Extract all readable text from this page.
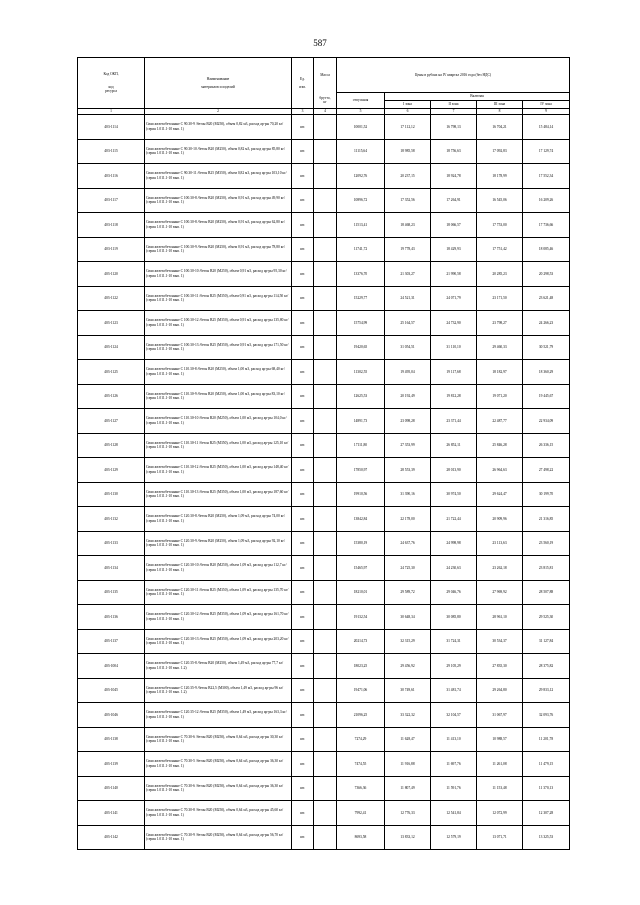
587
Код ОКП,

код
ресурса	Наименование

материалов и изделий	Ед.

изм.	Масса	Цены в рублях на IV квартал 2016 года (без НДС)				
			брутто,
кг	отпускная	Включая			
					I зона	II зона	III зона	IV зона
1	2	3	4	5	6	7	8	9
403-1114	Сваи железобетонные С 90.30-9 /бетон В20 (М250), объем 0,82 м3, расход ар-ры 70,20 кг/ (серия 1.011.1-10 вып. 1)	шт.		10001,52	17 112,12	16 798,13	16 704,21	15 484,14
403-1115	Сваи железобетонные С 90.30-10 /бетон В20 (М250), объем 0,82 м3, расход ар-ры 85,80 кг/ (серия 1.011.1-10 вып. 1)	шт.		11115,64	18 985,58	18 756,63	17 092,83	17 129,74
403-1116	Сваи железобетонные С 90.30-11 /бетон В25 (М350), объем 0,82 м3, расход ар-ры 103,10 кг/ (серия 1.011.1-10 вып. 1)	шт.		12092,76	20 237,15	18 924,78	18 178,99	17 552,34
403-1117	Сваи железобетонные С 100.30-8 /бетон В20 (М250), объем 0,91 м3, расход ар-ры 49,90 кг/ (серия 1.011.1-10 вып. 1)	шт.		10896,72	17 352,56	17 264,91	16 545,06	16 209,26
403-1118	Сваи железобетонные С 100.30-8 /бетон В20 (М250), объем 0,91 м3, расход ар-ры 62,80 кг/ (серия 1.011.1-10 вып. 1)	шт.		11513,41	18 468,23	18 066,57	17 753,00	17 736,66
403-1119	Сваи железобетонные С 100.30-9 /бетон В20 (М250), объем 0,91 м3, расход ар-ры 78,80 кг/ (серия 1.011.1-10 вып. 1)	шт.		11741,72	19 778,43	18 429,93	17 751,42	18 085,46
403-1120	Сваи железобетонные С 100.30-10 /бетон В20 (М250), объем 0,91 м3, расход ар-ры 95,30 кг/ (серия 1.011.1-10 вып. 1)	шт.		13376,70	21 303,27	21 990,58	20 285,23	20 298,53
403-1122	Сваи железобетонные С 100.30-11 /бетон В25 (М350), объем 0,91 м3, расход ар-ры 114,50 кг/ (серия 1.011.1-10 вып. 1)	шт.		15229,77	24 521,31	24 071,79	23 171,50	23 621,48
403-1123	Сваи железобетонные С 100.30-12 /бетон В25 (М350), объем 0,91 м3, расход ар-ры 135,80 кг/ (серия 1.011.1-10 вып. 1)	шт.		15754,99	25 164,57	24 732,90	23 798,27	24 266,23
403-1124	Сваи железобетонные С 100.30-13 /бетон В25 (М350), объем 0,91 м3, расход ар-ры 171,50 кг/ (серия 1.011.1-10 вып. 1)	шт.		19420,65	31 054,51	31 110,10	29 460,33	30 521,79
403-1125	Сваи железобетонные С 110.30-8 /бетон В20 (М250), объем 1,00 м3, расход ар-ры 68,40 кг/ (серия 1.011.1-10 вып. 1)	шт.		11302,55	19 495,04	19 117,68	18 182,97	18 360,29
403-1126	Сваи железобетонные С 110.30-9 /бетон В20 (М250), объем 1,00 м3, расход ар-ры 83,10 кг/ (серия 1.011.1-10 вып. 1)	шт.		12625,53	20 192,49	19 812,28	19 071,20	19 445,67
403-1127	Сваи железобетонные С 110.30-10 /бетон В20 (М250), объем 1,00 м3, расход ар-ры 104,0 кг/ (серия 1.011.1-10 вып. 1)	шт.		14891,73	23 098,28	23 371,44	22 487,77	22 934,09
403-1128	Сваи железобетонные С 110.30-11 /бетон В25 (М350), объем 1,00 м3, расход ар-ры 125,10 кг/ (серия 1.011.1-10 вып. 1)	шт.		17111,80	27 353,99	26 852,11	25 846,28	26 336,15
403-1129	Сваи железобетонные С 110.30-12 /бетон В25 (М350), объем 1,00 м3, расход ар-ры 148,40 кг/ (серия 1.011.1-10 вып. 1)	шт.		17850,97	28 553,39	28 013,90	26 964,63	27 498,22
403-1130	Сваи железобетонные С 110.30-13 /бетон В25 (М350), объем 1,00 м3, расход ар-ры 187,60 кг/ (серия 1.011.1-10 вып. 1)	шт.		19910,56	31 390,16	30 974,50	29 624,47	30 199,70
403-1132	Сваи железобетонные С 120.30-8 /бетон В20 (М250), объем 1,09 м3, расход ар-ры 74,00 кг/ (серия 1.011.1-10 вып. 1)	шт.		13842,84	22 178,00	21 722,44	20 909,96	21 316,85
403-1133	Сваи железобетонные С 120.30-9 /бетон В20 (М250), объем 1,09 м3, расход ар-ры 92,10 кг/ (серия 1.011.1-10 вып. 1)	шт.		15380,19	24 637,76	24 998,98	23 113,63	23 560,19
403-1134	Сваи железобетонные С 120.30-10 /бетон В20 (М250), объем 1,09 м3, расход ар-ры 112,7 кг/ (серия 1.011.1-10 вып. 1)	шт.		15465,97	24 725,30	24 230,63	23 262,18	23 815,81
403-1135	Сваи железобетонные С 120.30-11 /бетон В25 (М350), объем 1,09 м3, расход ар-ры 135,70 кг/ (серия 1.011.1-10 вып. 1)	шт.		18210,01	29 589,72	29 046,76	27 969,92	28 507,88
403-1136	Сваи железобетонные С 120.30-12 /бетон В25 (М350), объем 1,09 м3, расход ар-ры 161,70 кг/ (серия 1.011.1-10 вып. 1)	шт.		19132,54	30 648,34	30 085,80	28 961,10	29 525,30
403-1137	Сваи железобетонные С 120.30-13 /бетон В25 (М350), объем 1,09 м3, расход ар-ры 203,20 кг/ (серия 1.011.1-10 вып. 1)	шт.		20214,73	32 315,29	31 724,31	30 534,37	31 127,84
403-1004	Сваи железобетонные С 120.35-8 /бетон В20 (М250), объем 1,49 м3, расход ар-ры 77,7 кг/ (серия 1.011.1-10 вып. 1.2)	шт.		18023,25	29 456,92	29 105,29	27 835,30	28 375,82
403-1045	Сваи железобетонные С 120.35-9 /бетон В22,5 (М300), объем 1,49 м3, расход ар-ры 96 кг/ (серия 1.011.1-10 вып. 1.2)	шт.		19471,06	30 749,61	31 481,74	29 264,80	29 833,12
403-1046	Сваи железобетонные С 120.35-12 /бетон В25 (М350), объем 1,49 м3, расход ар-ры 163,3 кг/ (серия 1.011.1-10 вып. 1)	шт.		21096,25	33 322,32	32 104,57	31 067,97	32 093,76
403-1138	Сваи железобетонные С 70.30-6 /бетон В20 (М250), объем 0,64 м3, расход ар-ры 30,30 кг/ (серия 1.011.1-10 вып. 1)	шт.		7274,29	11 628,47	11 413,10	10 988,57	11 201,78
403-1139	Сваи железобетонные С 70.30-5 /бетон В20 (М250), объем 0,64 м3, расход ар-ры 36,30 кг/ (серия 1.011.1-10 вып. 1)	шт.		7474,55	11 916,88	11 697,76	11 261,08	11 479,15
403-1140	Сваи железобетонные С 70.30-6 /бетон В20 (М250), объем 0,64 м3, расход ар-ры 36,30 кг/ (серия 1.011.1-10 вып. 1)	шт.		7366,36	11 807,49	11 591,76	11 153,48	11 370,13
403-1141	Сваи железобетонные С 70.30-8 /бетон В20 (М250), объем 0,64 м3, расход ар-ры 45,60 кг/ (серия 1.011.1-10 вып. 1)	шт.		7992,41	12 776,33	12 541,84	12 072,99	12 307,28
403-1142	Сваи железобетонные С 70.30-9 /бетон В20 (М250), объем 0,64 м3, расход ар-ры 56,70 кг/ (серия 1.011.1-10 вып. 1)	шт.		8693,58	13 833,12	12 579,19	13 071,71	13 325,53
